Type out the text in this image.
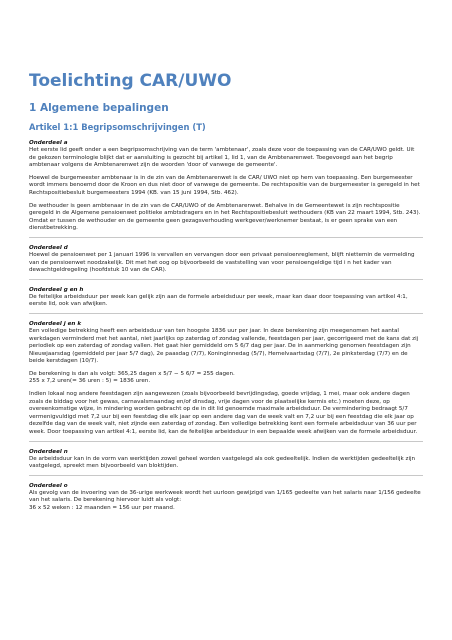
Toelichting CAR/UWO
1 Algemene bepalingen
Artikel 1:1 Begripsomschrijvingen (T)
Onderdeel a

Het eerste lid geeft onder a een begripsomschrijving van de term 'ambtenaar', zoals deze voor de toepassing van de CAR/UWO geldt. Uit de gekozen terminologie blijkt dat er aansluiting is gezocht bij artikel 1, lid 1, van de Ambtenarenwet. Toegevoegd aan het begrip ambtenaar volgens de Ambtenarenwet zijn de woorden 'door of vanwege de gemeente'.

Hoewel de burgemeester ambtenaar is in de zin van de Ambtenarenwet is de CAR/ UWO niet op hem van toepassing. Een burgemeester wordt immers benoemd door de Kroon en dus niet door of vanwege de gemeente. De rechtspositie van de burgemeester is geregeld in het Rechtspositiebesluit burgemeesters 1994 (KB. van 15 juni 1994, Stb. 462).

De wethouder is geen ambtenaar in de zin van de CAR/UWO of de Ambtenarenwet. Behalve in de Gemeentewet is zijn rechtspositie geregeld in de Algemene pensioenwet politieke ambtsdragers en in het Rechtspositiebesluit wethouders (KB van 22 maart 1994, Stb. 243). Omdat er tussen de wethouder en de gemeente geen gezagsverhouding werkgever/werknemer bestaat, is er geen sprake van een dienstbetrekking.

Onderdeel d

Hoewel de pensioenwet per 1 januari 1996 is vervallen en vervangen door een privaat pensioenreglement, blijft niettemin de vermelding van de pensioenwet noodzakelijk. Dit met het oog op bijvoorbeeld de vaststelling van voor pensioengeldige tijd i n het kader van dewachtgeldregeling (hoofdstuk 10 van de CAR).

Onderdeel g en h

De feitelijke arbeidsduur per week kan gelijk zijn aan de formele arbeidsduur per week, maar kan daar door toepassing van artikel 4:1, eerste lid, ook van afwijken.

Onderdeel j en k

Een volledige betrekking heeft een arbeidsduur van ten hoogste 1836 uur per jaar. In deze berekening zijn meegenomen het aantal werkdagen verminderd met het aantal, niet jaarlijks op zaterdag of zondag vallende, feestdagen per jaar, gecorrigeerd met de kans dat zij periodiek op een zaterdag of zondag vallen. Het gaat hier gemiddeld om 5 6/7 dag per jaar. De in aanmerking genomen feestdagen zijn Nieuwjaarsdag (gemiddeld per jaar 5/7 dag), 2e paasdag (7/7), Koninginnedag (5/7), Hemelvaartsdag (7/7), 2e pinksterdag (7/7) en de beide kerstdagen (10/7).

De berekening is dan als volgt: 365,25 dagen x 5/7 − 5 6/7 = 255 dagen.

255 x 7,2 uren(= 36 uren : 5) = 1836 uren.

Indien lokaal nog andere feestdagen zijn aangewezen (zoals bijvoorbeeld bevrijdingsdag, goede vrijdag, 1 mei, maar ook andere dagen zoals de biddag voor het gewas, carnavalsmaandag en/of dinsdag, vrije dagen voor de plaatselijke kermis etc.) moeten deze, op overeenkomstige wijze, in mindering worden gebracht op de in dit lid genoemde maximale arbeidsduur. De vermindering bedraagt 5/7 vermenigvuldigd met 7,2 uur bij een feestdag die elk jaar op een andere dag van de week valt en 7,2 uur bij een feestdag die elk jaar op dezelfde dag van de week valt, niet zijnde een zaterdag of zondag. Een volledige betrekking kent een formele arbeidsduur van 36 uur per week. Door toepassing van artikel 4:1, eerste lid, kan de feitelijke arbeidsduur in een bepaalde week afwijken van de formele arbeidsduur.

Onderdeel n

De arbeidsduur kan in de vorm van werktijden zowel geheel worden vastgelegd als ook gedeeltelijk. Indien de werktijden gedeeltelijk zijn vastgelegd, spreekt men bijvoorbeeld van bloktijden.

Onderdeel o

Als gevolg van de invoering van de 36-urige werkweek wordt het uurloon gewijzigd van 1/165 gedeelte van het salaris naar 1/156 gedeelte van het salaris. De berekening hiervoor luidt als volgt:

36 x 52 weken : 12 maanden = 156 uur per maand.
